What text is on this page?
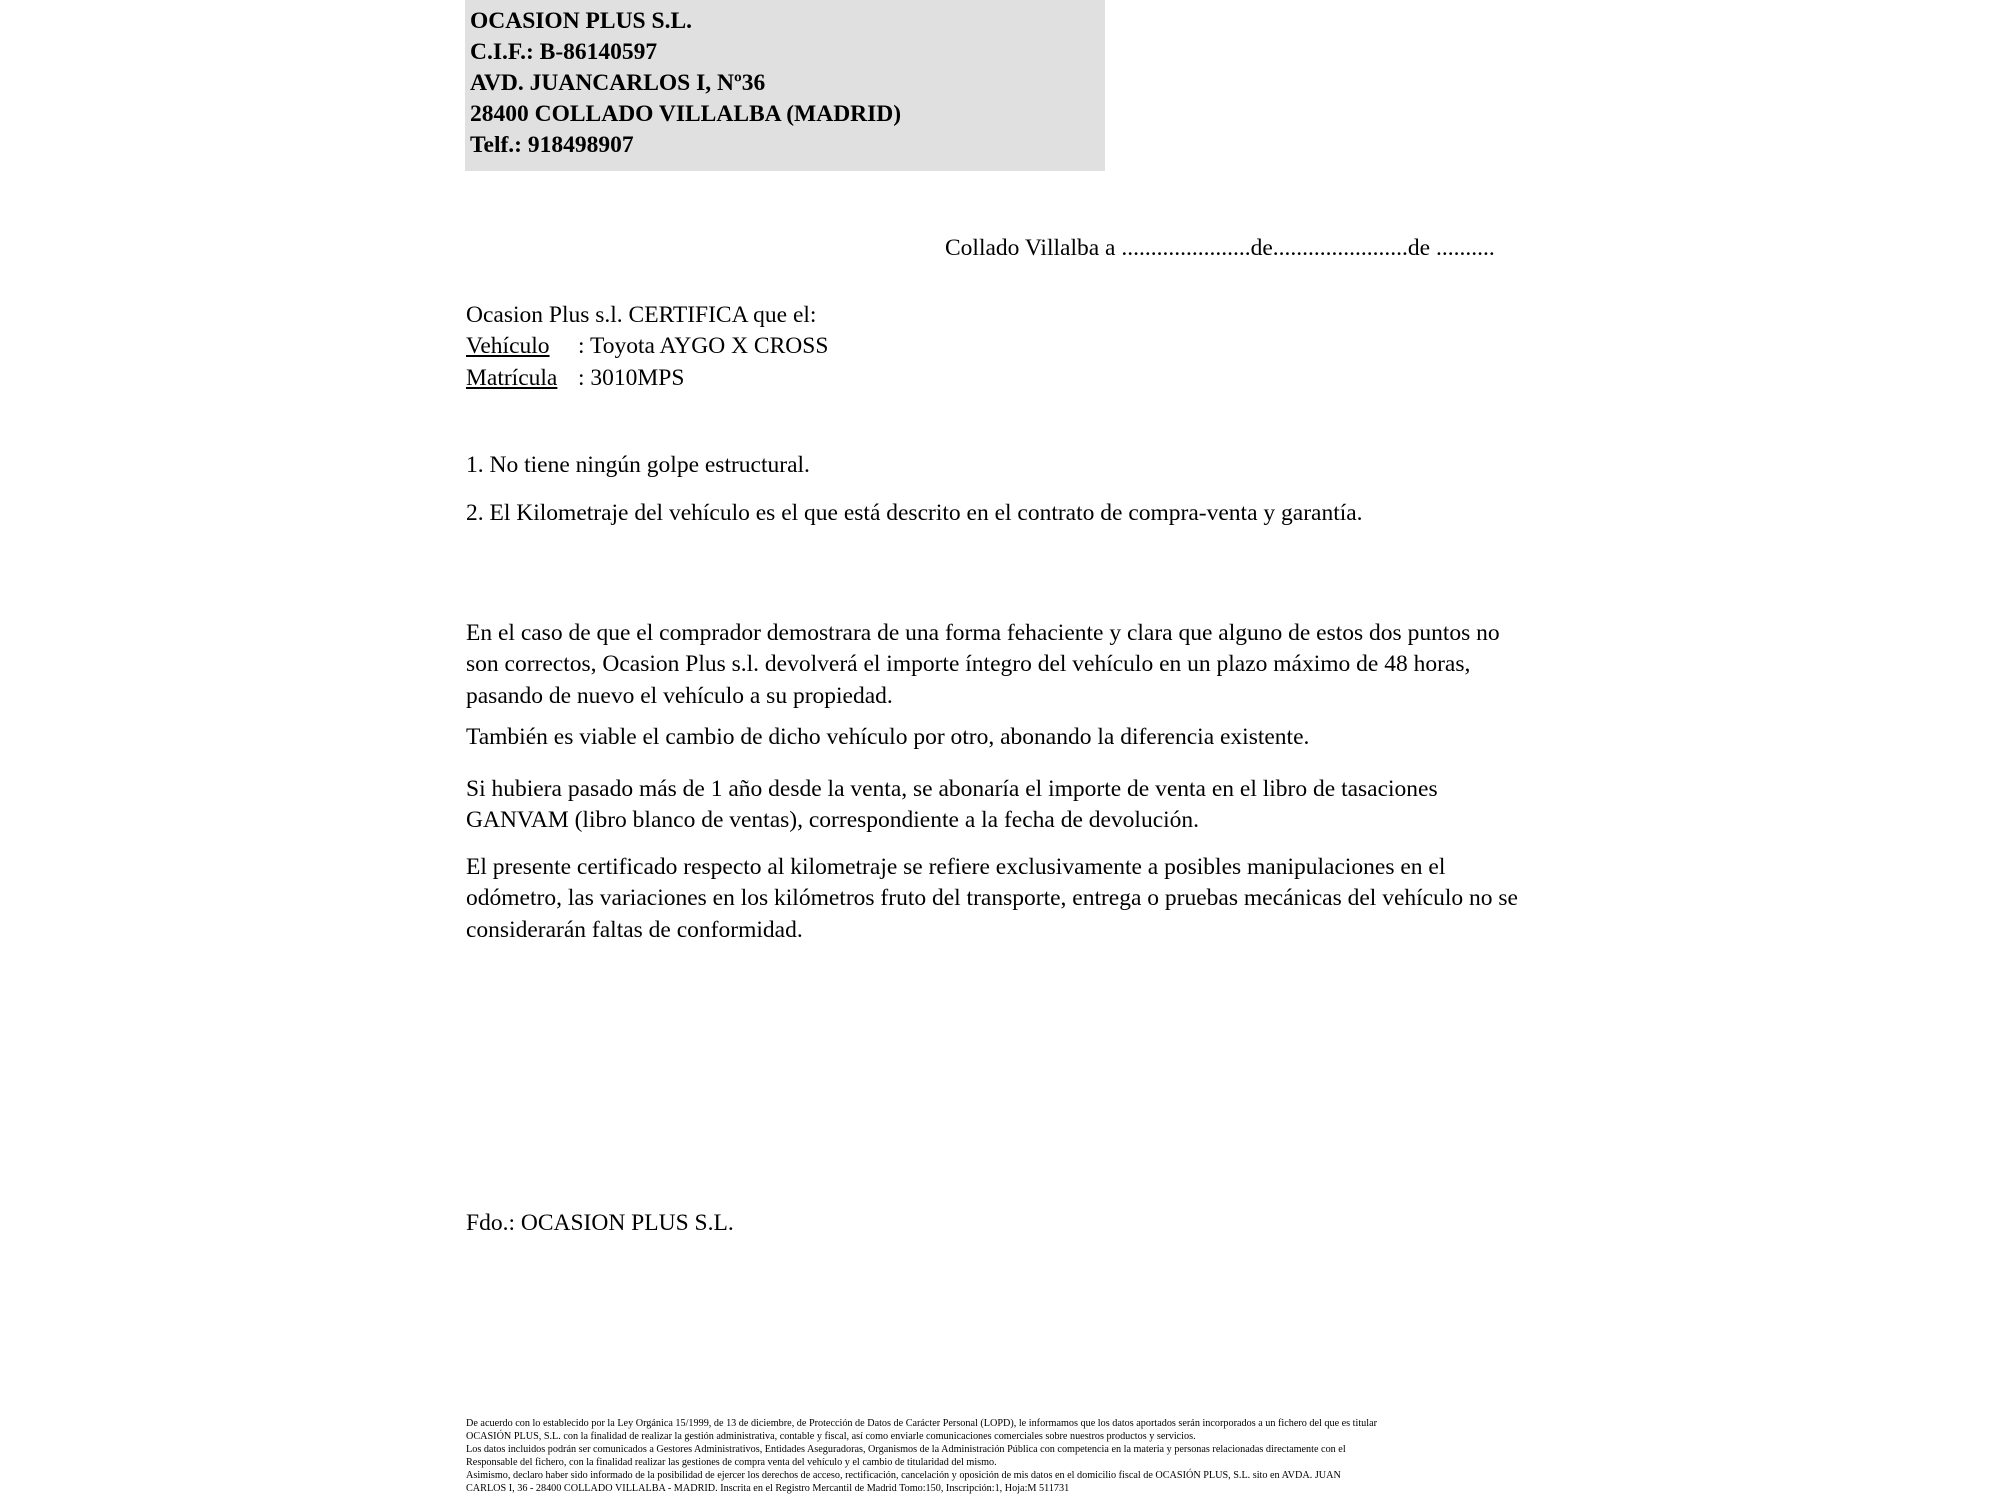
OCASION PLUS S.L.
C.I.F.: B-86140597
AVD. JUANCARLOS I, Nº36
28400 COLLADO VILLALBA (MADRID)
Telf.: 918498907
Collado Villalba a ......................de.......................de ..........
Ocasion Plus s.l. CERTIFICA que el:
Vehículo : Toyota AYGO X CROSS
Matrícula : 3010MPS
1. No tiene ningún golpe estructural.
2. El Kilometraje del vehículo es el que está descrito en el contrato de compra-venta y garantía.
En el caso de que el comprador demostrara de una forma fehaciente y clara que alguno de estos dos puntos no son correctos, Ocasion Plus s.l. devolverá el importe íntegro del vehículo en un plazo máximo de 48 horas, pasando de nuevo el vehículo a su propiedad.
También es viable el cambio de dicho vehículo por otro, abonando la diferencia existente.
Si hubiera pasado más de 1 año desde la venta, se abonaría el importe de venta en el libro de tasaciones GANVAM (libro blanco de ventas), correspondiente a la fecha de devolución.
El presente certificado respecto al kilometraje se refiere exclusivamente a posibles manipulaciones en el odómetro, las variaciones en los kilómetros fruto del transporte, entrega o pruebas mecánicas del vehículo no se considerarán faltas de conformidad.
Fdo.: OCASION PLUS S.L.

De acuerdo con lo establecido por la Ley Orgánica 15/1999, de 13 de diciembre, de Protección de Datos de Carácter Personal (LOPD), le informamos que los datos aportados serán incorporados a un fichero del que es titular

OCASIÓN PLUS, S.L. con la finalidad de realizar la gestión administrativa, contable y fiscal, así como enviarle comunicaciones comerciales sobre nuestros productos y servicios.

Los datos incluidos podrán ser comunicados a Gestores Administrativos, Entidades Aseguradoras, Organismos de la Administración Pública con competencia en la materia y personas relacionadas directamente con el

Responsable del fichero, con la finalidad realizar las gestiones de compra venta del vehículo y el cambio de titularidad del mismo.

Asimismo, declaro haber sido informado de la posibilidad de ejercer los derechos de acceso, rectificación, cancelación y oposición de mis datos en el domicilio fiscal de OCASIÓN PLUS, S.L. sito en AVDA. JUAN

CARLOS I, 36 - 28400 COLLADO VILLALBA - MADRID. Inscrita en el Registro Mercantil de Madrid Tomo:150, Inscripción:1, Hoja:M 511731
